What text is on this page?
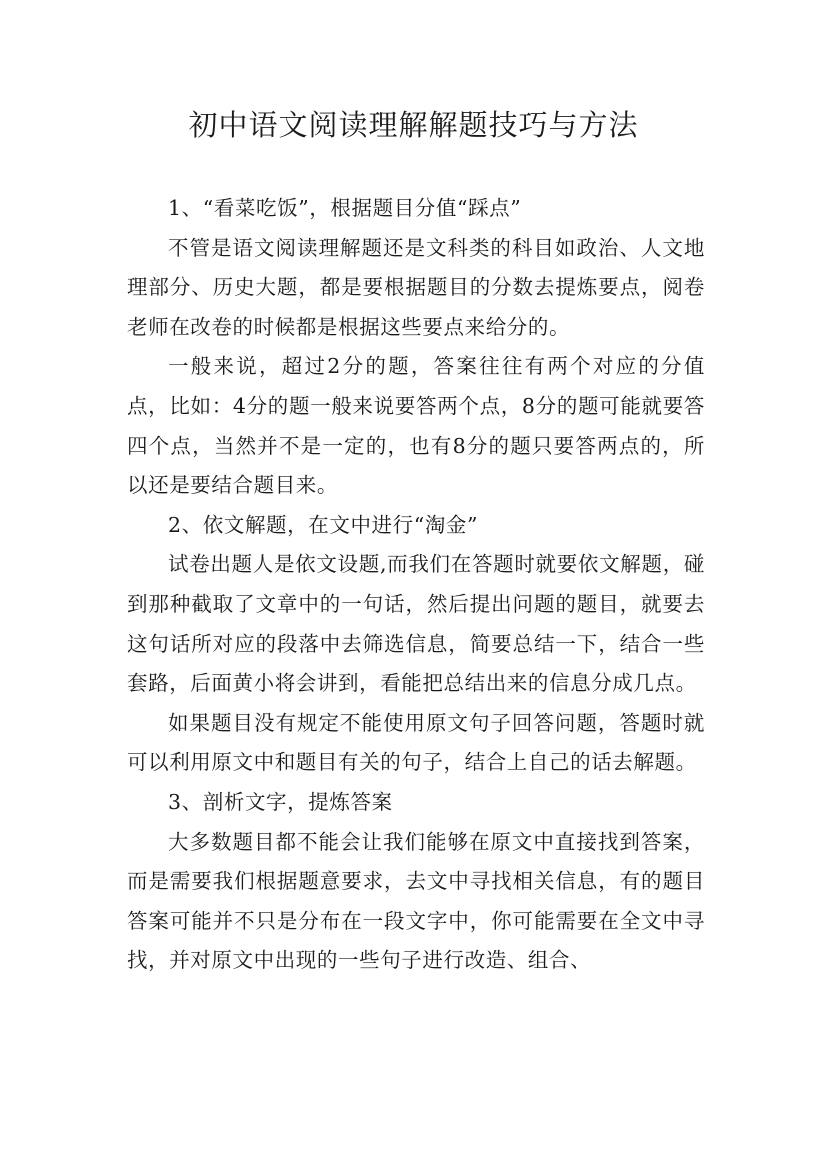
初中语文阅读理解解题技巧与方法

1、“看菜吃饭”，根据题目分值“踩点”

不管是语文阅读理解题还是文科类的科目如政治、人文地理部分、历史大题，都是要根据题目的分数去提炼要点，阅卷老师在改卷的时候都是根据这些要点来给分的。

一般来说，超过2分的题，答案往往有两个对应的分值点，比如：4分的题一般来说要答两个点，8分的题可能就要答四个点，当然并不是一定的，也有8分的题只要答两点的，所以还是要结合题目来。

2、依文解题，在文中进行“淘金”

试卷出题人是依文设题,而我们在答题时就要依文解题，碰到那种截取了文章中的一句话，然后提出问题的题目，就要去这句话所对应的段落中去筛选信息，简要总结一下，结合一些套路，后面黄小将会讲到，看能把总结出来的信息分成几点。

如果题目没有规定不能使用原文句子回答问题，答题时就可以利用原文中和题目有关的句子，结合上自己的话去解题。

3、剖析文字，提炼答案

大多数题目都不能会让我们能够在原文中直接找到答案，而是需要我们根据题意要求，去文中寻找相关信息，有的题目答案可能并不只是分布在一段文字中，你可能需要在全文中寻找，并对原文中出现的一些句子进行改造、组合、
